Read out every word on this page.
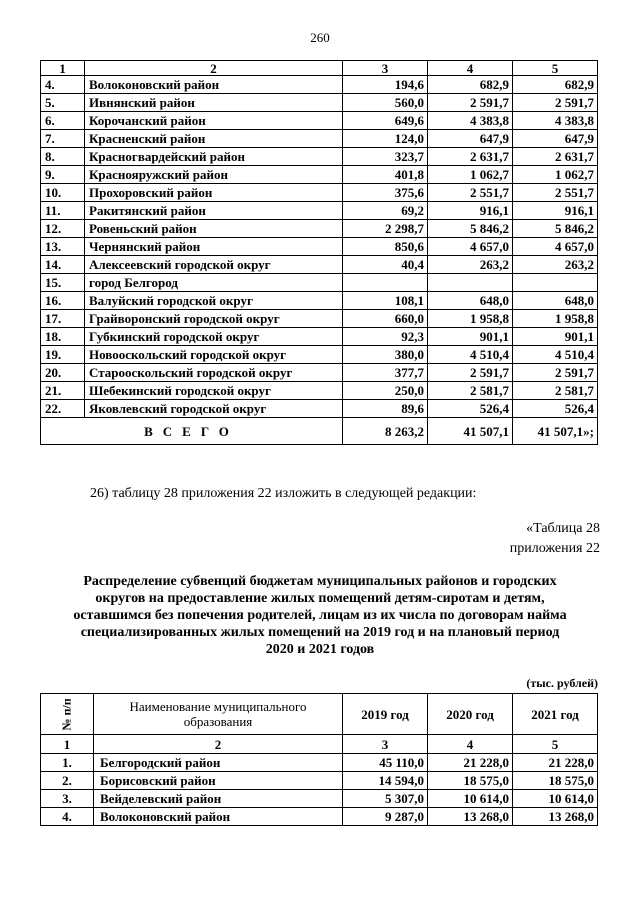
260
1	2	3	4	5
4.	Волоконовский район	194,6	682,9	682,9
5.	Ивнянский район	560,0	2 591,7	2 591,7
6.	Корочанский район	649,6	4 383,8	4 383,8
7.	Красненский район	124,0	647,9	647,9
8.	Красногвардейский район	323,7	2 631,7	2 631,7
9.	Краснояружский район	401,8	1 062,7	1 062,7
10.	Прохоровский район	375,6	2 551,7	2 551,7
11.	Ракитянский район	69,2	916,1	916,1
12.	Ровеньский район	2 298,7	5 846,2	5 846,2
13.	Чернянский район	850,6	4 657,0	4 657,0
14.	Алексеевский городской округ	40,4	263,2	263,2
15.	город Белгород			
16.	Валуйский городской округ	108,1	648,0	648,0
17.	Грайворонский городской округ	660,0	1 958,8	1 958,8
18.	Губкинский городской округ	92,3	901,1	901,1
19.	Новооскольский городской округ	380,0	4 510,4	4 510,4
20.	Старооскольский городской округ	377,7	2 591,7	2 591,7
21.	Шебекинский городской округ	250,0	2 581,7	2 581,7
22.	Яковлевский городской округ	89,6	526,4	526,4
ВСЕГО		8 263,2	41 507,1	41 507,1»;
26) таблицу 28 приложения 22 изложить в следующей редакции:
«Таблица 28
приложения 22
Распределение субвенций бюджетам муниципальных районов и городских
округов на предоставление жилых помещений детям-сиротам и детям,
оставшимся без попечения родителей, лицам из их числа по договорам найма
специализированных жилых помещений на 2019 год и на плановый период
2020 и 2021 годов
(тыс. рублей)
№ п/п	Наименование муниципального образования	2019 год	2020 год	2021 год
1	2	3	4	5
1.	Белгородский район	45 110,0	21 228,0	21 228,0
2.	Борисовский район	14 594,0	18 575,0	18 575,0
3.	Вейделевский район	5 307,0	10 614,0	10 614,0
4.	Волоконовский район	9 287,0	13 268,0	13 268,0
